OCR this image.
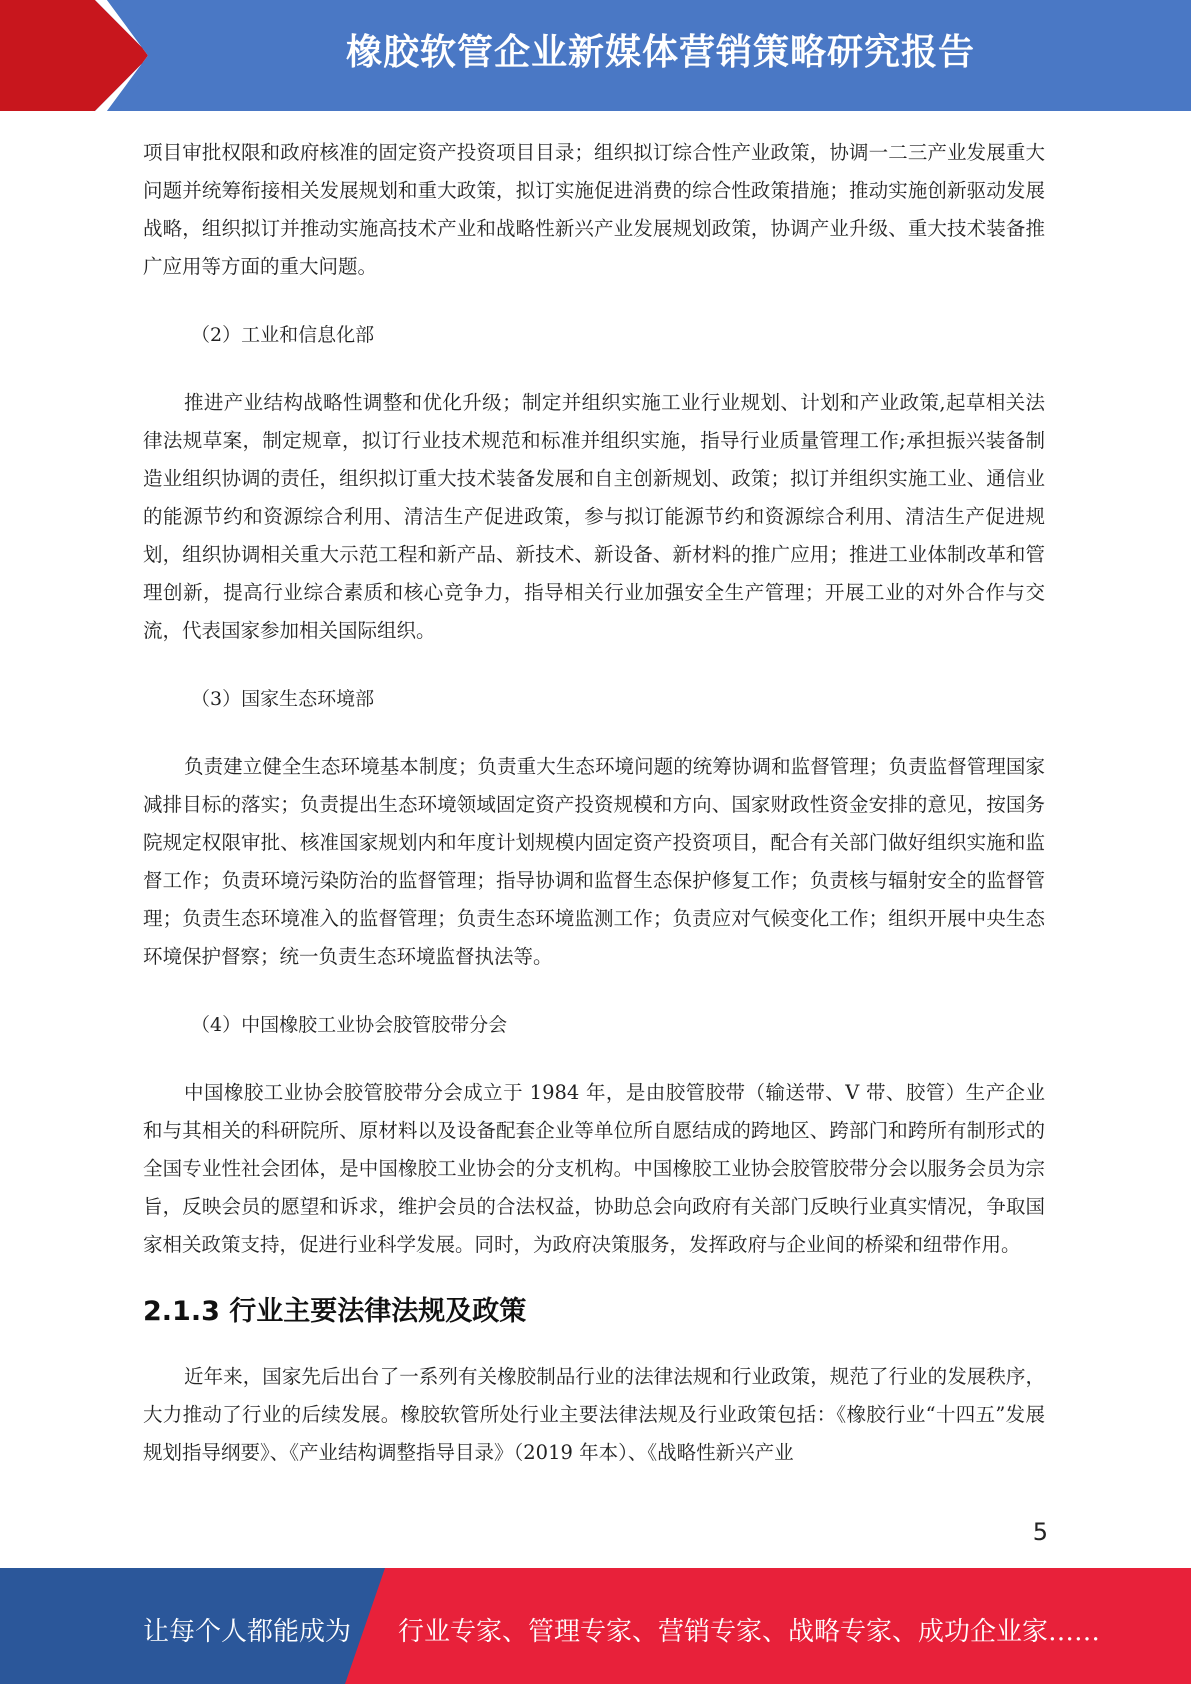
橡胶软管企业新媒体营销策略研究报告

项目审批权限和政府核准的固定资产投资项目目录；组织拟订综合性产业政策，协调一二三产业发展重大问题并统筹衔接相关发展规划和重大政策，拟订实施促进消费的综合性政策措施；推动实施创新驱动发展战略，组织拟订并推动实施高技术产业和战略性新兴产业发展规划政策，协调产业升级、重大技术装备推广应用等方面的重大问题。

（2）工业和信息化部

推进产业结构战略性调整和优化升级；制定并组织实施工业行业规划、计划和产业政策,起草相关法律法规草案，制定规章，拟订行业技术规范和标准并组织实施，指导行业质量管理工作;承担振兴装备制造业组织协调的责任，组织拟订重大技术装备发展和自主创新规划、政策；拟订并组织实施工业、通信业的能源节约和资源综合利用、清洁生产促进政策，参与拟订能源节约和资源综合利用、清洁生产促进规划，组织协调相关重大示范工程和新产品、新技术、新设备、新材料的推广应用；推进工业体制改革和管理创新，提高行业综合素质和核心竞争力，指导相关行业加强安全生产管理；开展工业的对外合作与交流，代表国家参加相关国际组织。

（3）国家生态环境部

负责建立健全生态环境基本制度；负责重大生态环境问题的统筹协调和监督管理；负责监督管理国家减排目标的落实；负责提出生态环境领域固定资产投资规模和方向、国家财政性资金安排的意见，按国务院规定权限审批、核准国家规划内和年度计划规模内固定资产投资项目，配合有关部门做好组织实施和监督工作；负责环境污染防治的监督管理；指导协调和监督生态保护修复工作；负责核与辐射安全的监督管理；负责生态环境准入的监督管理；负责生态环境监测工作；负责应对气候变化工作；组织开展中央生态环境保护督察；统一负责生态环境监督执法等。

（4）中国橡胶工业协会胶管胶带分会

中国橡胶工业协会胶管胶带分会成立于 1984 年，是由胶管胶带（输送带、V 带、胶管）生产企业和与其相关的科研院所、原材料以及设备配套企业等单位所自愿结成的跨地区、跨部门和跨所有制形式的全国专业性社会团体，是中国橡胶工业协会的分支机构。中国橡胶工业协会胶管胶带分会以服务会员为宗旨，反映会员的愿望和诉求，维护会员的合法权益，协助总会向政府有关部门反映行业真实情况，争取国家相关政策支持，促进行业科学发展。同时，为政府决策服务，发挥政府与企业间的桥梁和纽带作用。

2.1.3 行业主要法律法规及政策

近年来，国家先后出台了一系列有关橡胶制品行业的法律法规和行业政策，规范了行业的发展秩序，大力推动了行业的后续发展。橡胶软管所处行业主要法律法规及行业政策包括：《橡胶行业“十四五”发展规划指导纲要》、《产业结构调整指导目录》（2019 年本）、《战略性新兴产业

5
让每个人都能成为 行业专家、管理专家、营销专家、战略专家、成功企业家……
